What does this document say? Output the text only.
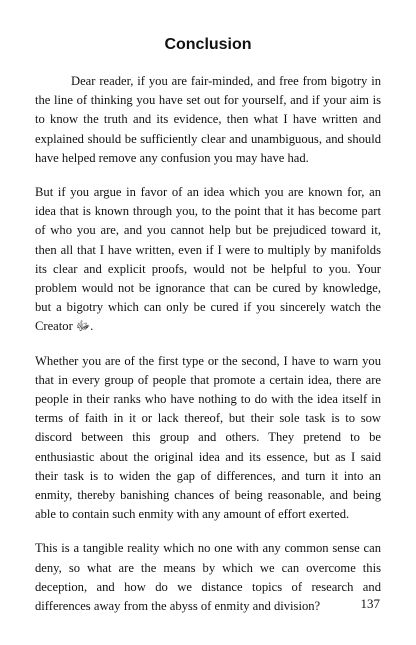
Conclusion

Dear reader, if you are fair-minded, and free from bigotry in the line of thinking you have set out for yourself, and if your aim is to know the truth and its evidence, then what I have written and explained should be sufficiently clear and unambiguous, and should have helped remove any confusion you may have had.

But if you argue in favor of an idea which you are known for, an idea that is known through you, to the point that it has become part of who you are, and you cannot help but be prejudiced toward it, then all that I have written, even if I were to multiply by manifolds its clear and explicit proofs, would not be helpful to you. Your problem would not be ignorance that can be cured by knowledge, but a bigotry which can only be cured if you sincerely watch the Creator ﷻ.

Whether you are of the first type or the second, I have to warn you that in every group of people that promote a certain idea, there are people in their ranks who have nothing to do with the idea itself in terms of faith in it or lack thereof, but their sole task is to sow discord between this group and others. They pretend to be enthusiastic about the original idea and its essence, but as I said their task is to widen the gap of differences, and turn it into an enmity, thereby banishing chances of being reasonable, and being able to contain such enmity with any amount of effort exerted.

This is a tangible reality which no one with any common sense can deny, so what are the means by which we can overcome this deception, and how do we distance topics of research and differences away from the abyss of enmity and division?	137
